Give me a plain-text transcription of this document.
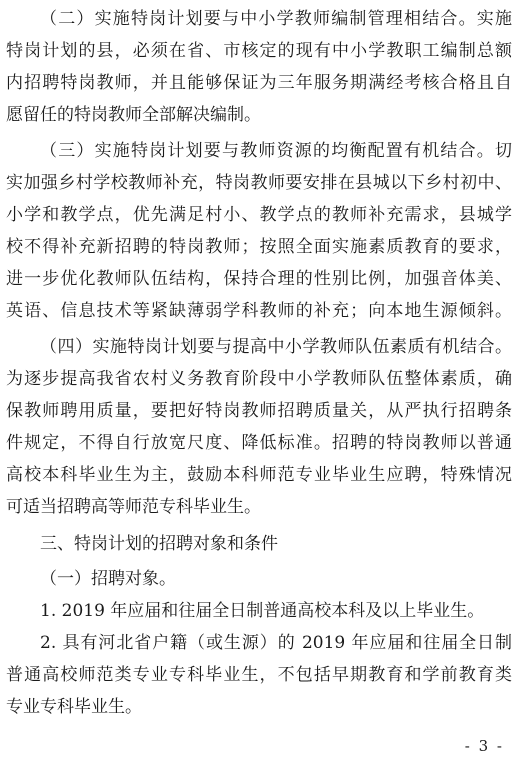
（二）实施特岗计划要与中小学教师编制管理相结合。实施
特岗计划的县，必须在省、市核定的现有中小学教职工编制总额
内招聘特岗教师，并且能够保证为三年服务期满经考核合格且自
愿留任的特岗教师全部解决编制。
（三）实施特岗计划要与教师资源的均衡配置有机结合。切
实加强乡村学校教师补充，特岗教师要安排在县城以下乡村初中、
小学和教学点，优先满足村小、教学点的教师补充需求，县城学
校不得补充新招聘的特岗教师；按照全面实施素质教育的要求，
进一步优化教师队伍结构，保持合理的性别比例，加强音体美、
英语、信息技术等紧缺薄弱学科教师的补充；向本地生源倾斜。
（四）实施特岗计划要与提高中小学教师队伍素质有机结合。
为逐步提高我省农村义务教育阶段中小学教师队伍整体素质，确
保教师聘用质量，要把好特岗教师招聘质量关，从严执行招聘条
件规定，不得自行放宽尺度、降低标准。招聘的特岗教师以普通
高校本科毕业生为主，鼓励本科师范专业毕业生应聘，特殊情况
可适当招聘高等师范专科毕业生。
三、特岗计划的招聘对象和条件
（一）招聘对象。
1. 2019 年应届和往届全日制普通高校本科及以上毕业生。
2. 具有河北省户籍（或生源）的 2019 年应届和往届全日制
普通高校师范类专业专科毕业生，不包括早期教育和学前教育类
专业专科毕业生。
- 3 -
